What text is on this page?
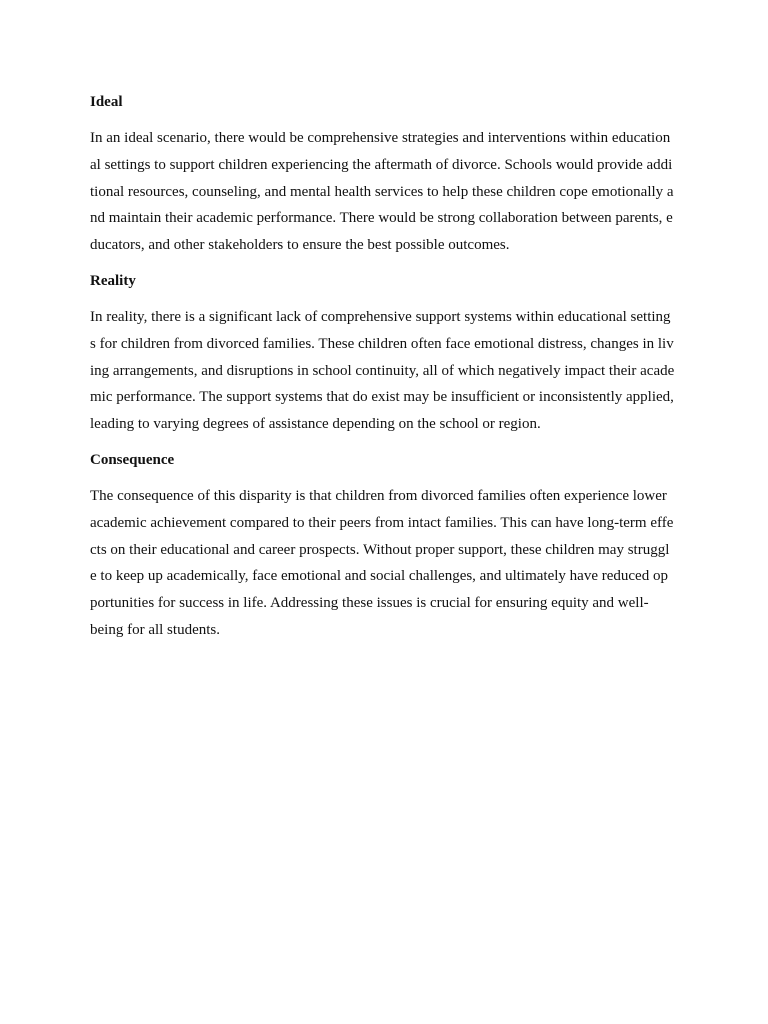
Ideal
In an ideal scenario, there would be comprehensive strategies and interventions within education
al settings to support children experiencing the aftermath of divorce. Schools would provide addi
tional resources, counseling, and mental health services to help these children cope emotionally a
nd maintain their academic performance. There would be strong collaboration between parents, e
ducators, and other stakeholders to ensure the best possible outcomes.
Reality
In reality, there is a significant lack of comprehensive support systems within educational setting
s for children from divorced families. These children often face emotional distress, changes in liv
ing arrangements, and disruptions in school continuity, all of which negatively impact their acade
mic performance. The support systems that do exist may be insufficient or inconsistently applied,
leading to varying degrees of assistance depending on the school or region.
Consequence
The consequence of this disparity is that children from divorced families often experience lower
academic achievement compared to their peers from intact families. This can have long-term effe
cts on their educational and career prospects. Without proper support, these children may struggl
e to keep up academically, face emotional and social challenges, and ultimately have reduced op
portunities for success in life. Addressing these issues is crucial for ensuring equity and well-
being for all students.
